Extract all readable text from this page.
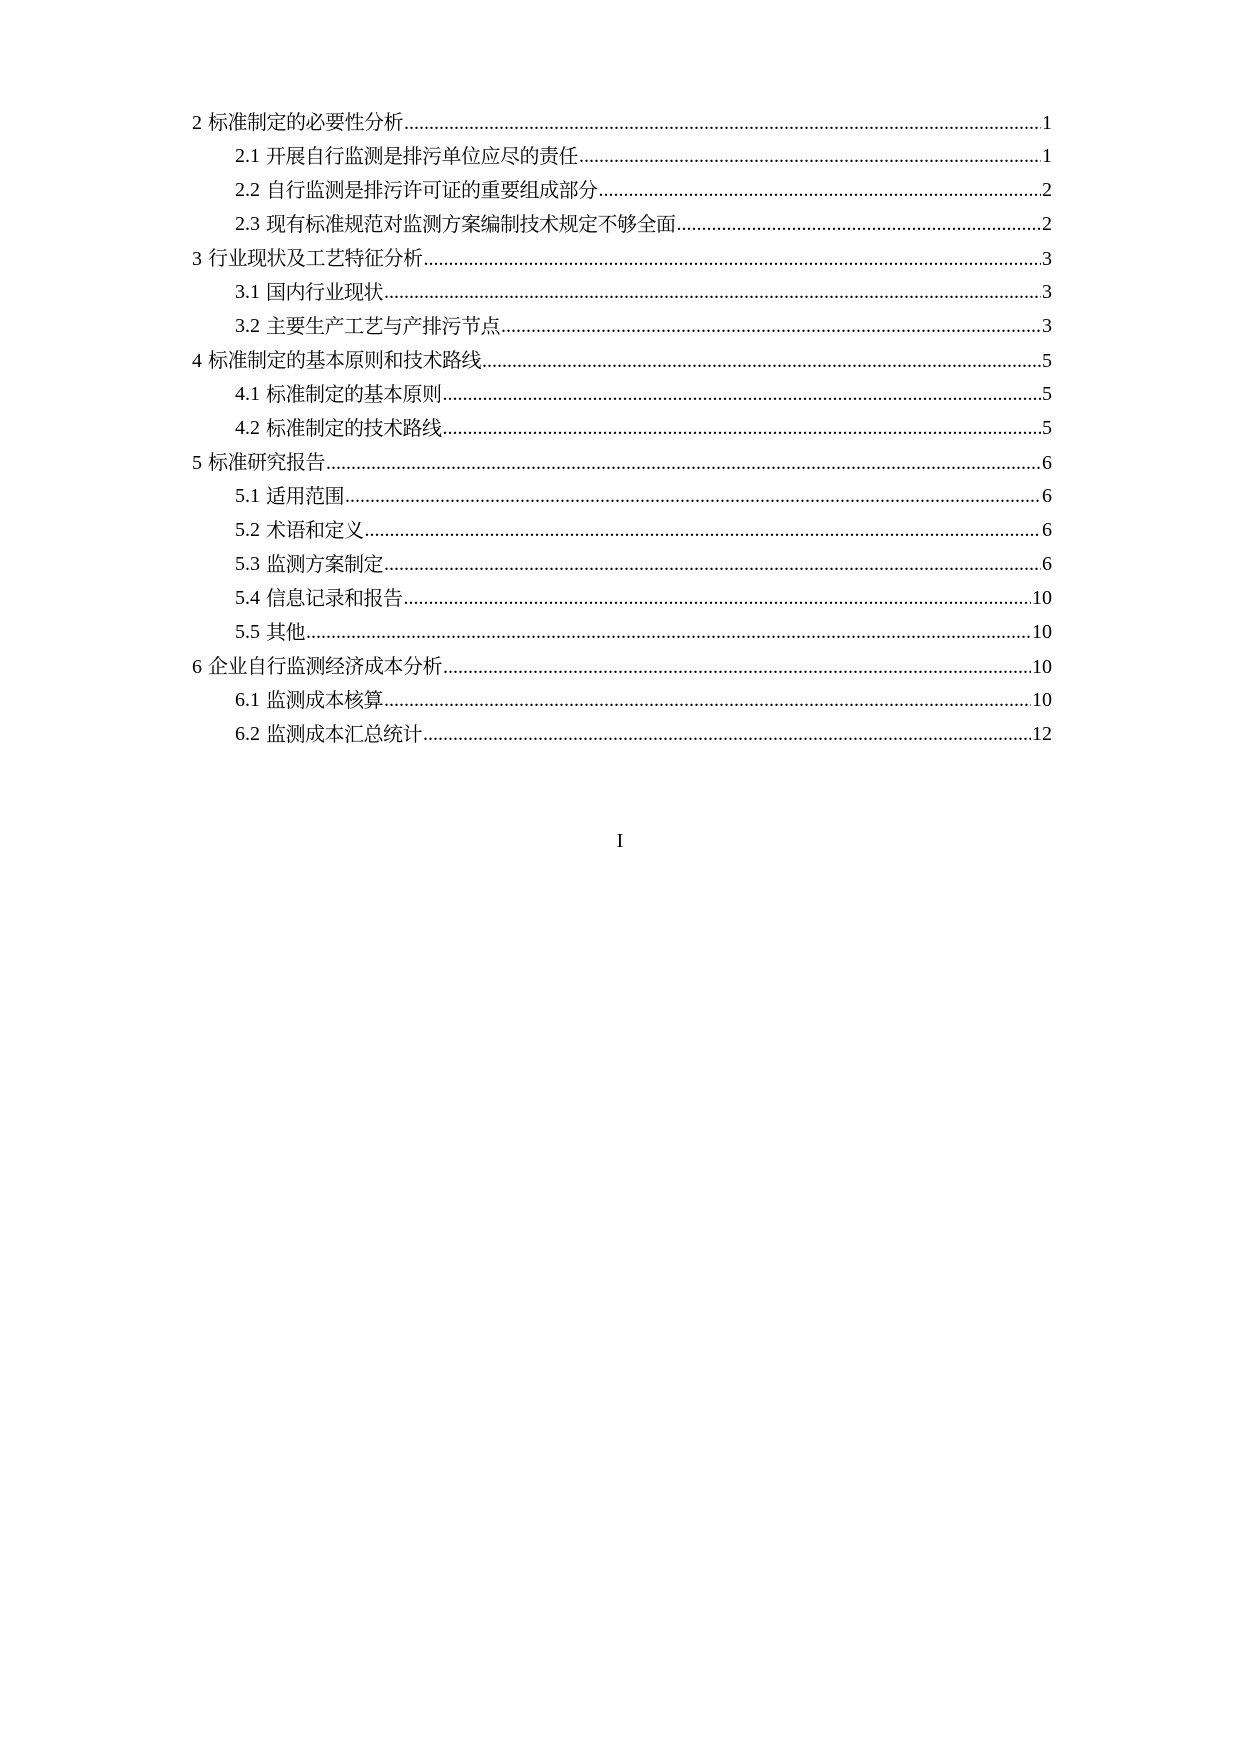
2 标准制定的必要性分析 .....	1
2.1 开展自行监测是排污单位应尽的责任 .....	1
2.2 自行监测是排污许可证的重要组成部分 .....	2
2.3 现有标准规范对监测方案编制技术规定不够全面 .....	2
3 行业现状及工艺特征分析 .....	3
3.1 国内行业现状 .....	3
3.2 主要生产工艺与产排污节点 .....	3
4 标准制定的基本原则和技术路线 .....	5
4.1 标准制定的基本原则 .....	5
4.2 标准制定的技术路线 .....	5
5 标准研究报告 .....	6
5.1 适用范围 .....	6
5.2 术语和定义 .....	6
5.3 监测方案制定 .....	6
5.4 信息记录和报告 .....	10
5.5 其他 .....	10
6 企业自行监测经济成本分析 .....	10
6.1 监测成本核算 .....	10
6.2 监测成本汇总统计 .....	12
I
